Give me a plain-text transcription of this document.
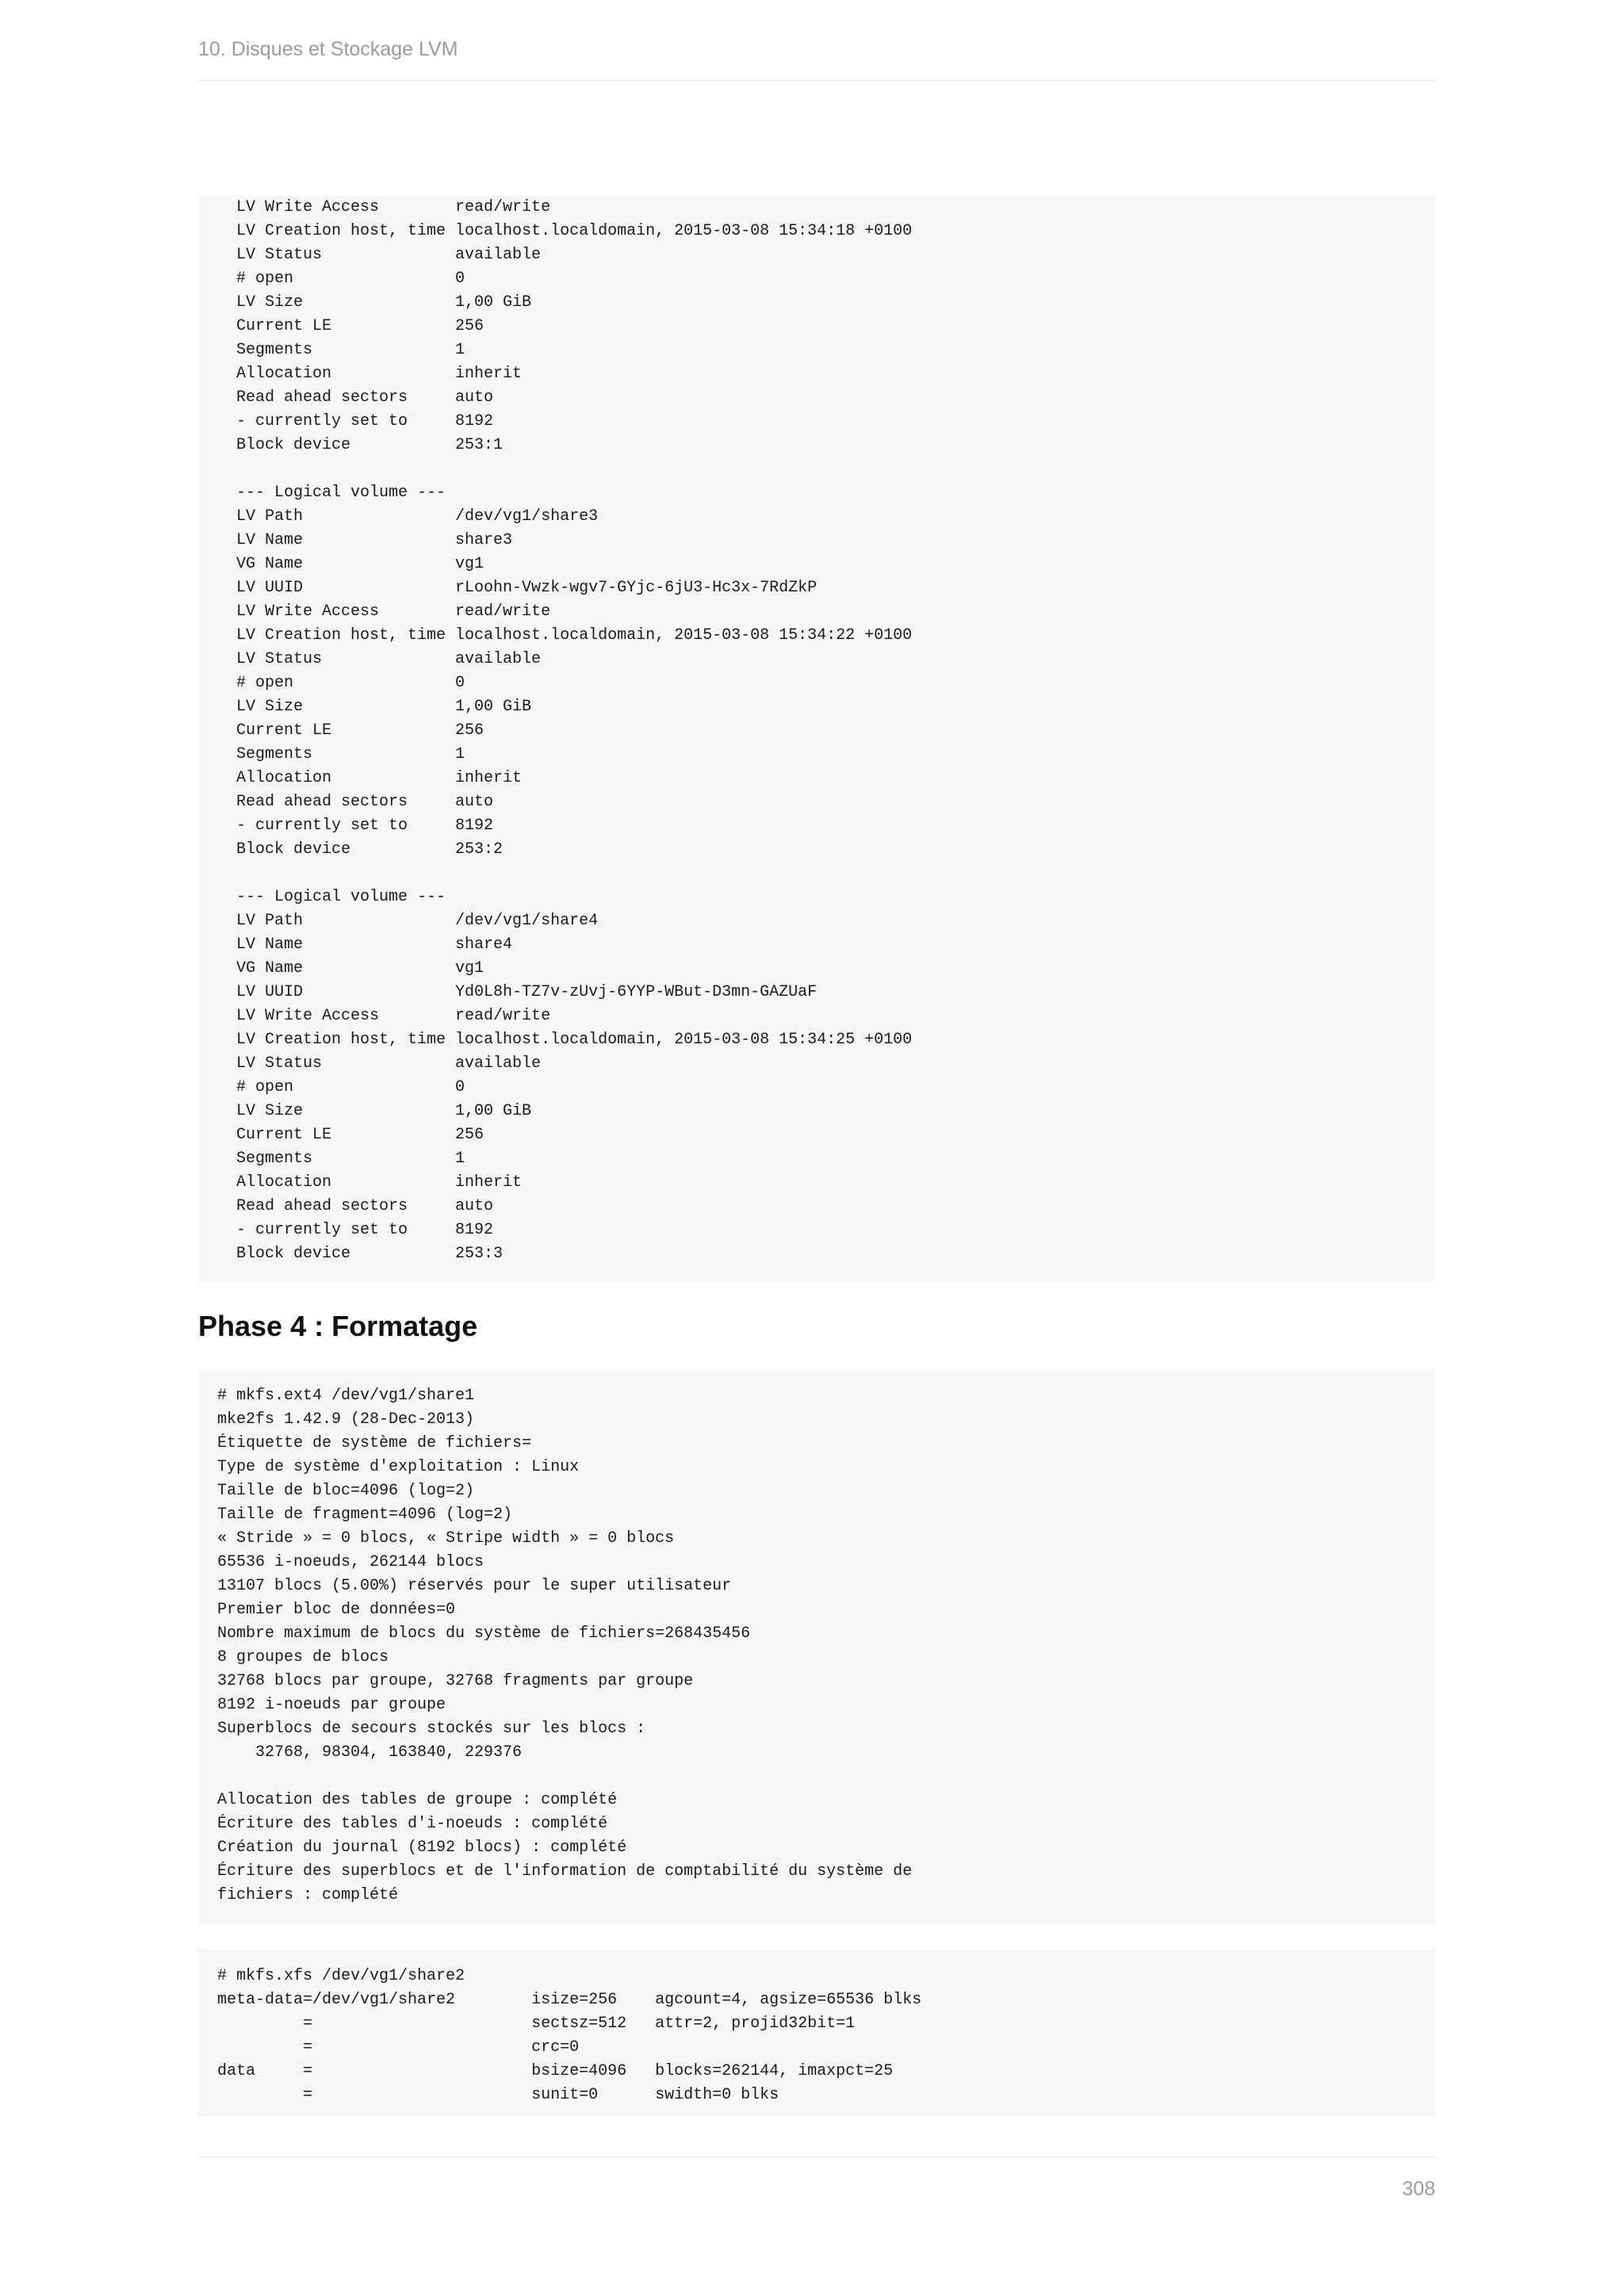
10. Disques et Stockage LVM
LV Write Access        read/write
LV Creation host, time localhost.localdomain, 2015-03-08 15:34:18 +0100
LV Status              available
# open                 0
LV Size                1,00 GiB
Current LE             256
Segments               1
Allocation             inherit
Read ahead sectors     auto
- currently set to     8192
Block device           253:1

--- Logical volume ---
LV Path                /dev/vg1/share3
LV Name                share3
VG Name                vg1
LV UUID                rLoohn-Vwzk-wgv7-GYjc-6jU3-Hc3x-7RdZkP
LV Write Access        read/write
LV Creation host, time localhost.localdomain, 2015-03-08 15:34:22 +0100
LV Status              available
# open                 0
LV Size                1,00 GiB
Current LE             256
Segments               1
Allocation             inherit
Read ahead sectors     auto
- currently set to     8192
Block device           253:2

--- Logical volume ---
LV Path                /dev/vg1/share4
LV Name                share4
VG Name                vg1
LV UUID                Yd0L8h-TZ7v-zUvj-6YYP-WBut-D3mn-GAZUaF
LV Write Access        read/write
LV Creation host, time localhost.localdomain, 2015-03-08 15:34:25 +0100
LV Status              available
# open                 0
LV Size                1,00 GiB
Current LE             256
Segments               1
Allocation             inherit
Read ahead sectors     auto
- currently set to     8192
Block device           253:3
Phase 4 : Formatage
# mkfs.ext4 /dev/vg1/share1
mke2fs 1.42.9 (28-Dec-2013)
Étiquette de système de fichiers=
Type de système d'exploitation : Linux
Taille de bloc=4096 (log=2)
Taille de fragment=4096 (log=2)
« Stride » = 0 blocs, « Stripe width » = 0 blocs
65536 i-noeuds, 262144 blocs
13107 blocs (5.00%) réservés pour le super utilisateur
Premier bloc de données=0
Nombre maximum de blocs du système de fichiers=268435456
8 groupes de blocs
32768 blocs par groupe, 32768 fragments par groupe
8192 i-noeuds par groupe
Superblocs de secours stockés sur les blocs :
32768, 98304, 163840, 229376

Allocation des tables de groupe : complété
Écriture des tables d'i-noeuds : complété
Création du journal (8192 blocs) : complété
Écriture des superblocs et de l'information de comptabilité du système de
fichiers : complété
# mkfs.xfs /dev/vg1/share2
meta-data=/dev/vg1/share2        isize=256    agcount=4, agsize=65536 blks
=                       sectsz=512   attr=2, projid32bit=1
=                       crc=0
data     =                       bsize=4096   blocks=262144, imaxpct=25
=                       sunit=0      swidth=0 blks
308
